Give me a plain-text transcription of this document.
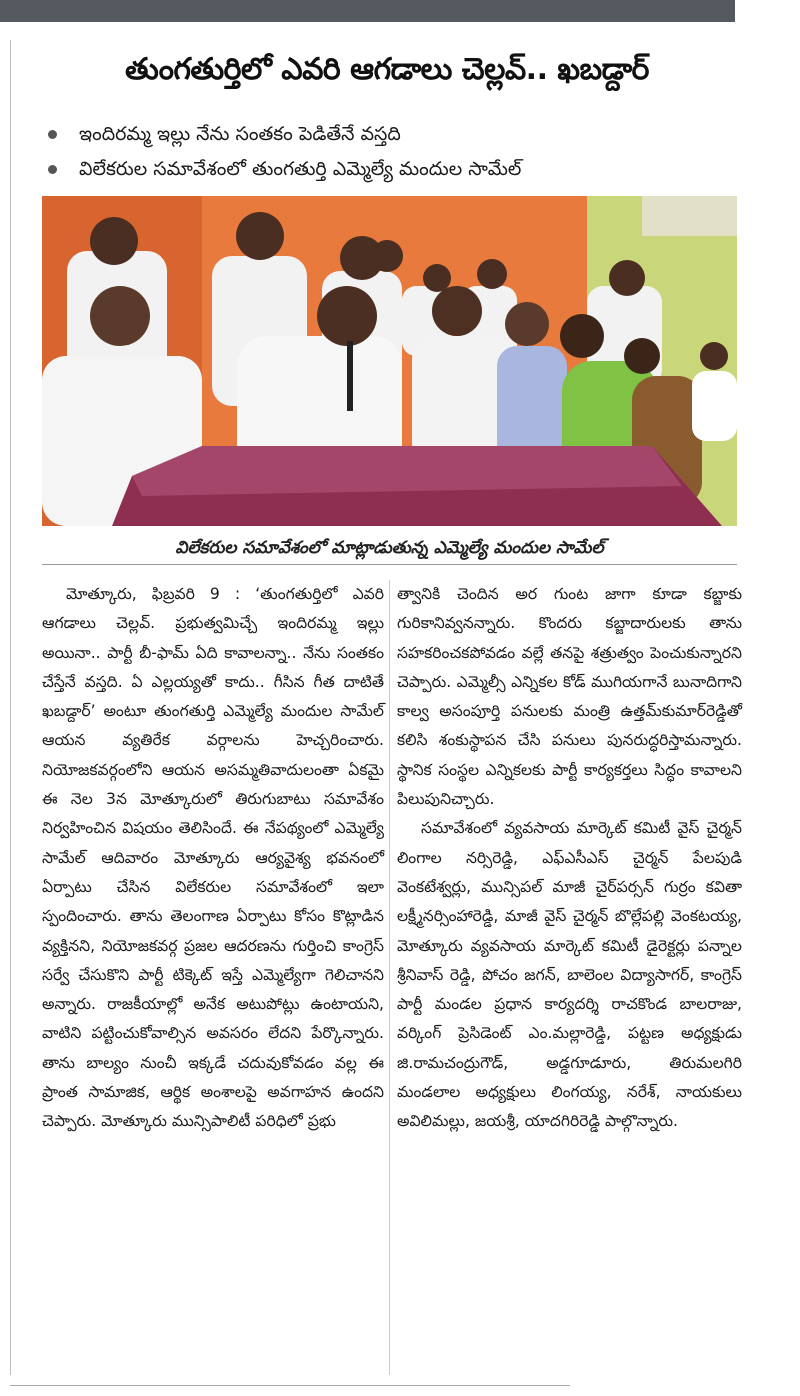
తుంగతుర్తిలో ఎవరి ఆగడాలు చెల్లవ్.. ఖబడ్దార్
ఇందిరమ్మ ఇల్లు నేను సంతకం పెడితేనే వస్తది
విలేకరుల సమావేశంలో తుంగతుర్తి ఎమ్మెల్యే మందుల సామేల్
విలేకరుల సమావేశంలో మాట్లాడుతున్న ఎమ్మెల్యే మందుల సామేల్

మోత్కూరు, ఫిబ్రవరి 9 : ‘తుంగతుర్తిలో ఎవరి ఆగడాలు చెల్లవ్. ప్రభుత్వమిచ్చే ఇందిరమ్మ ఇల్లు అయినా.. పార్టీ బీ-ఫామ్ ఏది కావాలన్నా.. నేను సంతకం చేస్తేనే వస్తది. ఏ ఎల్లయ్యతో కాదు.. గీసిన గీత దాటితే ఖబడ్దార్’ అంటూ తుంగతుర్తి ఎమ్మెల్యే మందుల సామేల్ ఆయన వ్యతిరేక వర్గాలను హెచ్చరించారు. నియోజకవర్గంలోని ఆయన అసమ్మతివాదులంతా ఏకమై ఈ నెల 3న మోత్కూరులో తిరుగుబాటు సమావేశం నిర్వహించిన విషయం తెలిసిందే. ఈ నేపథ్యంలో ఎమ్మెల్యే సామేల్ ఆదివారం మోత్కూరు ఆర్యవైశ్య భవనంలో ఏర్పాటు చేసిన విలేకరుల సమావేశంలో ఇలా స్పందించారు. తాను తెలంగాణ ఏర్పాటు కోసం కొట్లాడిన వ్యక్తినని, నియోజకవర్గ ప్రజల ఆదరణను గుర్తించి కాంగ్రెస్ సర్వే చేసుకొని పార్టీ టిక్కెట్ ఇస్తే ఎమ్మెల్యేగా గెలిచానని అన్నారు. రాజకీయాల్లో అనేక అటుపోట్లు ఉంటాయని, వాటిని పట్టించుకోవాల్సిన అవసరం లేదని పేర్కొన్నారు. తాను బాల్యం నుంచీ ఇక్కడే చదువుకోవడం వల్ల ఈ ప్రాంత సామాజిక, ఆర్థిక అంశాలపై అవగాహన ఉందని చెప్పారు. మోత్కూరు మున్సిపాలిటీ పరిధిలో ప్రభు

త్వానికి చెందిన అర గుంట జాగా కూడా కబ్జాకు గురికానివ్వనన్నారు. కొందరు కబ్జాదారులకు తాను సహకరించకపోవడం వల్లే తనపై శత్రుత్వం పెంచుకున్నారని చెప్పారు. ఎమ్మెల్సీ ఎన్నికల కోడ్ ముగియగానే బునాదిగాని కాల్వ అసంపూర్తి పనులకు మంత్రి ఉత్తమ్‌కుమార్‌రెడ్డితో కలిసి శంకుస్థాపన చేసి పనులు పునరుద్ధరిస్తామన్నారు. స్థానిక సంస్థల ఎన్నికలకు పార్టీ కార్యకర్తలు సిద్ధం కావాలని పిలుపునిచ్చారు.

సమావేశంలో వ్యవసాయ మార్కెట్ కమిటీ వైస్ చైర్మన్ లింగాల నర్సిరెడ్డి, ఎఫ్‌ఎసీఎస్ చైర్మన్ పేలపుడి వెంకటేశ్వర్లు, మున్సిపల్ మాజీ చైర్‌పర్సన్ గుర్రం కవితా లక్ష్మీనర్సింహారెడ్డి, మాజీ వైస్ చైర్మన్ బొల్లేపల్లి వెంకటయ్య, మోత్కూరు వ్యవసాయ మార్కెట్ కమిటీ డైరెక్టర్లు పన్నాల శ్రీనివాస్ రెడ్డి, పోచం జగన్, బాలెంల విద్యాసాగర్, కాంగ్రెస్ పార్టీ మండల ప్రధాన కార్యదర్శి రాచకొండ బాలరాజు, వర్కింగ్ ప్రెసిడెంట్ ఎం.మల్లారెడ్డి, పట్టణ అధ్యక్షుడు జి.రామచంద్రుగౌడ్, అడ్డగూడూరు, తిరుమలగిరి మండలాల అధ్యక్షులు లింగయ్య, నరేశ్, నాయకులు అవిలిమల్లు, జయశ్రీ, యాదగిరిరెడ్డి పాల్గొన్నారు.
